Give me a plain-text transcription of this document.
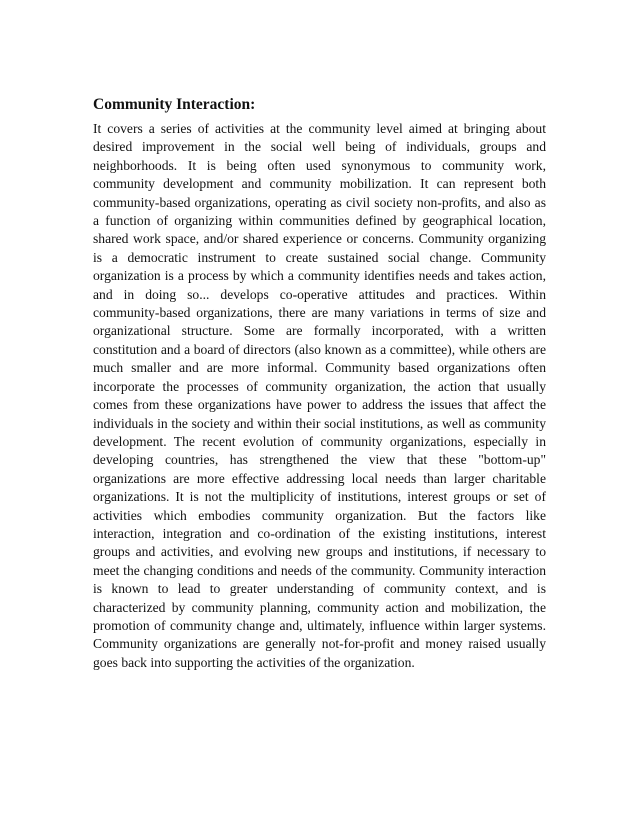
Community Interaction:

It covers a series of activities at the community level aimed at bringing about desired improvement in the social well being of individuals, groups and neighborhoods. It is being often used synonymous to community work, community development and community mobilization. It can represent both community-based organizations, operating as civil society non-profits, and also as a function of organizing within communities defined by geographical location, shared work space, and/or shared experience or concerns. Community organizing is a democratic instrument to create sustained social change. Community organization is a process by which a community identifies needs and takes action, and in doing so... develops co-operative attitudes and practices. Within community-based organizations, there are many variations in terms of size and organizational structure. Some are formally incorporated, with a written constitution and a board of directors (also known as a committee), while others are much smaller and are more informal. Community based organizations often incorporate the processes of community organization, the action that usually comes from these organizations have power to address the issues that affect the individuals in the society and within their social institutions, as well as community development. The recent evolution of community organizations, especially in developing countries, has strengthened the view that these "bottom-up" organizations are more effective addressing local needs than larger charitable organizations. It is not the multiplicity of institutions, interest groups or set of activities which embodies community organization. But the factors like interaction, integration and co-ordination of the existing institutions, interest groups and activities, and evolving new groups and institutions, if necessary to meet the changing conditions and needs of the community. Community interaction is known to lead to greater understanding of community context, and is characterized by community planning, community action and mobilization, the promotion of community change and, ultimately, influence within larger systems. Community organizations are generally not-for-profit and money raised usually goes back into supporting the activities of the organization.
